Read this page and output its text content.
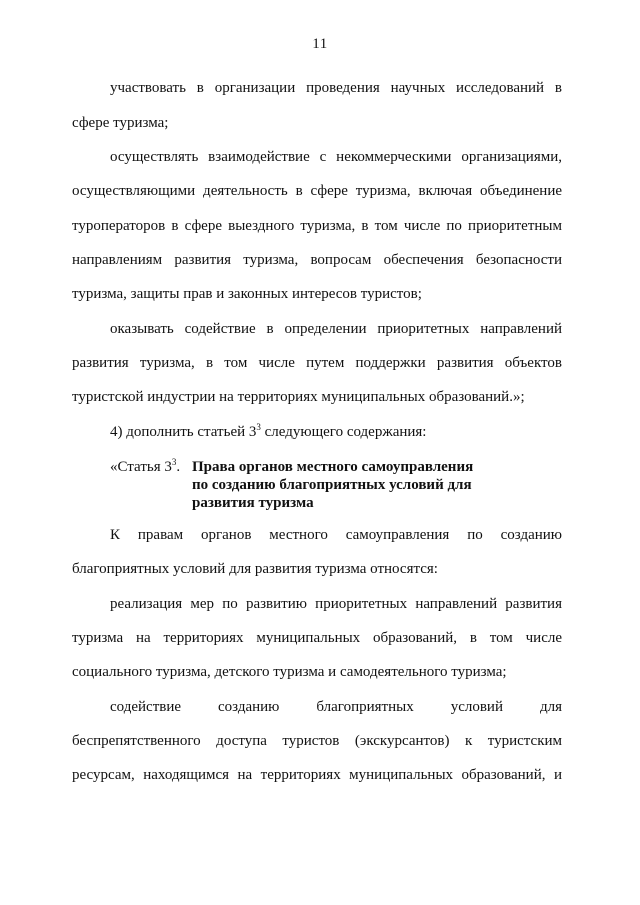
11
участвовать в организации проведения научных исследований в
сфере туризма;
осуществлять взаимодействие с некоммерческими организациями,
осуществляющими деятельность в сфере туризма, включая объединение
туроператоров в сфере выездного туризма, в том числе по приоритетным
направлениям развития туризма, вопросам обеспечения безопасности
туризма, защиты прав и законных интересов туристов;
оказывать содействие в определении приоритетных направлений
развития туризма, в том числе путем поддержки развития объектов
туристской индустрии на территориях муниципальных образований.»;
4) дополнить статьей $3^3$ следующего содержания:
«Статья $3^3$. Права органов местного самоуправления
по созданию благоприятных условий для
развития туризма
К правам органов местного самоуправления по созданию
благоприятных условий для развития туризма относятся:
реализация мер по развитию приоритетных направлений развития
туризма на территориях муниципальных образований, в том числе
социального туризма, детского туризма и самодеятельного туризма;
содействие созданию благоприятных условий для
беспрепятственного доступа туристов (экскурсантов) к туристским
ресурсам, находящимся на территориях муниципальных образований, и
